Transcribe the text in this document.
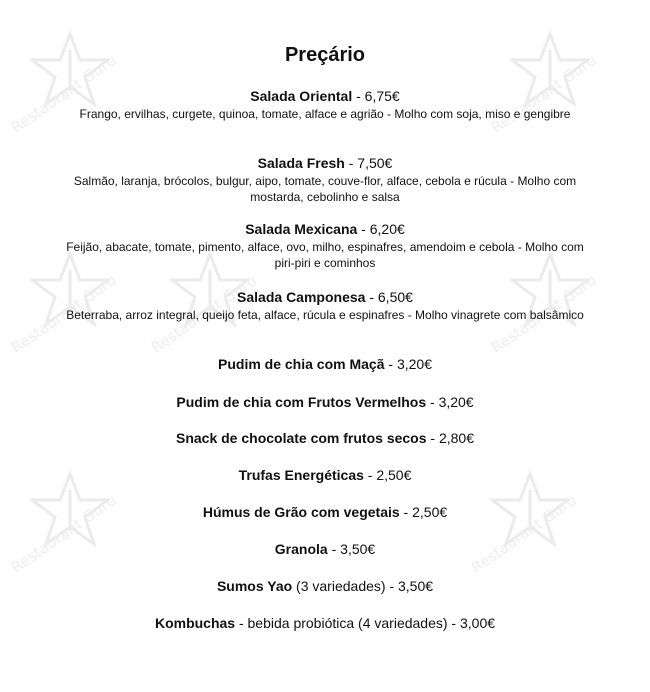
Restaurant Guru	Restaurant Guru
Restaurant Guru Restaurant Guru	Restaurant Guru
Restaurant Guru	Restaurant Guru
Preçário
Salada Oriental - 6,75€
Frango, ervilhas, curgete, quinoa, tomate, alface e agrião - Molho com soja, miso e gengibre
Salada Fresh - 7,50€
Salmão, laranja, brócolos, bulgur, aipo, tomate, couve-flor, alface, cebola e rúcula - Molho com mostarda, cebolinho e salsa
Salada Mexicana - 6,20€
Feijão, abacate, tomate, pimento, alface, ovo, milho, espinafres, amendoim e cebola - Molho com piri-piri e cominhos
Salada Camponesa - 6,50€
Beterraba, arroz integral, queijo feta, alface, rúcula e espinafres - Molho vinagrete com balsâmico
Pudim de chia com Maçã - 3,20€
Pudim de chia com Frutos Vermelhos - 3,20€
Snack de chocolate com frutos secos - 2,80€
Trufas Energéticas - 2,50€
Húmus de Grão com vegetais - 2,50€
Granola - 3,50€
Sumos Yao (3 variedades) - 3,50€
Kombuchas - bebida probiótica (4 variedades) - 3,00€
